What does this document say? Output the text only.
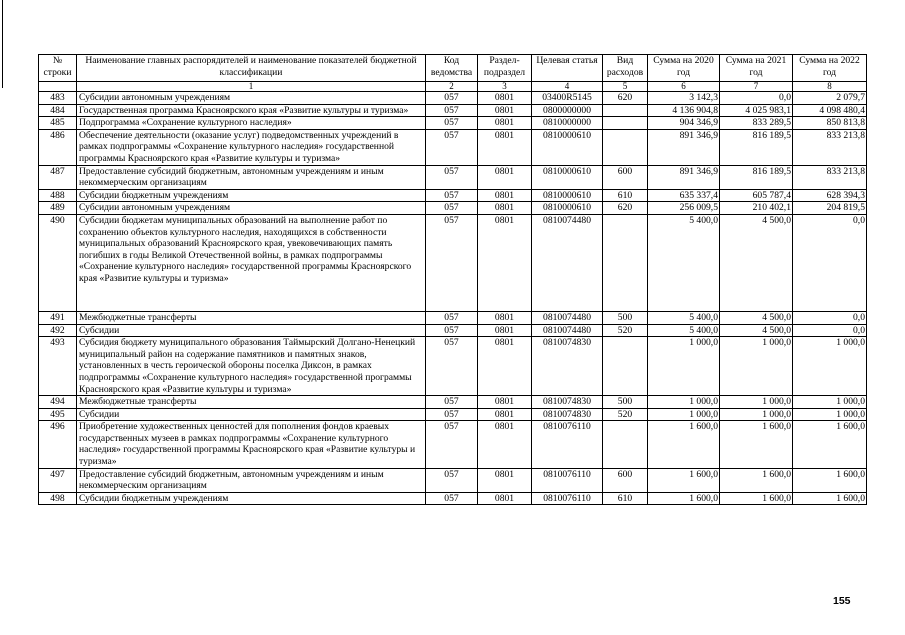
№ строки	Наименование главных распорядителей и наименование показателей бюджетной классификации	Код ведомства	Раздел- подраздел	Целевая статья	Вид расходов	Сумма на 2020 год	Сумма на 2021 год	Сумма на 2022 год
	1	2	3	4	5	6	7	8
483	Субсидии автономным учреждениям	057	0801	03400R5145	620	3 142,3	0,0	2 079,7
484	Государственная программа Красноярского края «Развитие культуры и туризма»	057	0801	0800000000		4 136 904,8	4 025 983,1	4 098 480,4
485	Подпрограмма «Сохранение культурного наследия»	057	0801	0810000000		904 346,9	833 289,5	850 813,8
486	Обеспечение деятельности (оказание услуг) подведомственных учреждений в рамках подпрограммы «Сохранение культурного наследия» государственной программы Красноярского края «Развитие культуры и туризма»	057	0801	0810000610		891 346,9	816 189,5	833 213,8
487	Предоставление субсидий бюджетным, автономным учреждениям и иным некоммерческим организациям	057	0801	0810000610	600	891 346,9	816 189,5	833 213,8
488	Субсидии бюджетным учреждениям	057	0801	0810000610	610	635 337,4	605 787,4	628 394,3
489	Субсидии автономным учреждениям	057	0801	0810000610	620	256 009,5	210 402,1	204 819,5
490	Субсидии бюджетам муниципальных образований на выполнение работ по сохранению объектов культурного наследия, находящихся в собственности муниципальных образований Красноярского края, увековечивающих память погибших в годы Великой Отечественной войны, в рамках подпрограммы «Сохранение культурного наследия» государственной программы Красноярского края «Развитие культуры и туризма»	057	0801	0810074480		5 400,0	4 500,0	0,0
491	Межбюджетные трансферты	057	0801	0810074480	500	5 400,0	4 500,0	0,0
492	Субсидии	057	0801	0810074480	520	5 400,0	4 500,0	0,0
493	Субсидия бюджету муниципального образования Таймырский Долгано-Ненецкий муниципальный район на содержание памятников и памятных знаков, установленных в честь героической обороны поселка Диксон, в рамках подпрограммы «Сохранение культурного наследия» государственной программы Красноярского края «Развитие культуры и туризма»	057	0801	0810074830		1 000,0	1 000,0	1 000,0
494	Межбюджетные трансферты	057	0801	0810074830	500	1 000,0	1 000,0	1 000,0
495	Субсидии	057	0801	0810074830	520	1 000,0	1 000,0	1 000,0
496	Приобретение художественных ценностей для пополнения фондов краевых государственных музеев в рамках подпрограммы «Сохранение культурного наследия» государственной программы Красноярского края «Развитие культуры и туризма»	057	0801	0810076110		1 600,0	1 600,0	1 600,0
497	Предоставление субсидий бюджетным, автономным учреждениям и иным некоммерческим организациям	057	0801	0810076110	600	1 600,0	1 600,0	1 600,0
498	Субсидии бюджетным учреждениям	057	0801	0810076110	610	1 600,0	1 600,0	1 600,0
155
